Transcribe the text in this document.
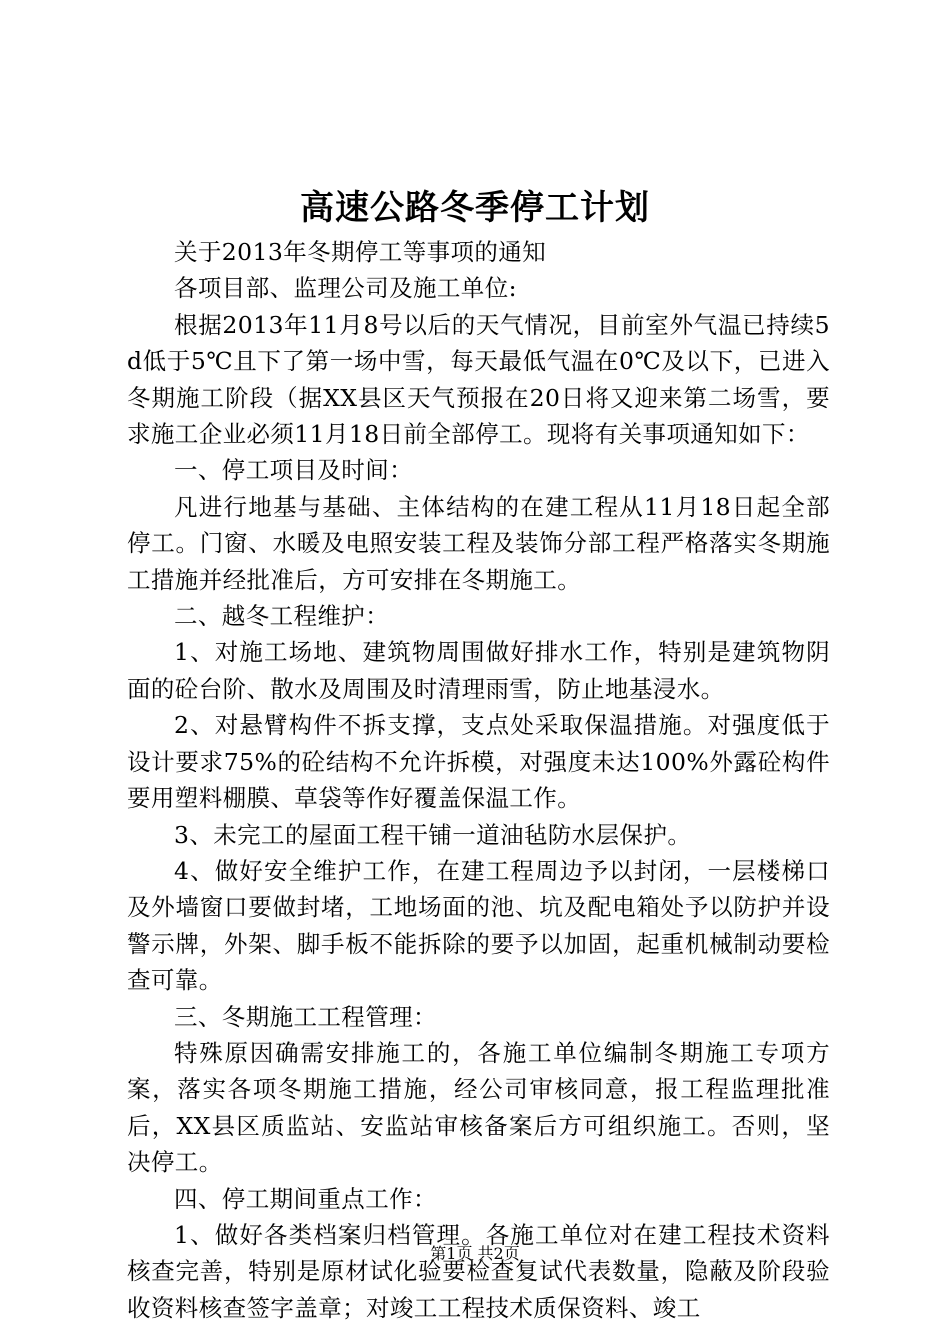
高速公路冬季停工计划

关于2013年冬期停工等事项的通知

各项目部、监理公司及施工单位:

根据2013年11月8号以后的天气情况，目前室外气温已持续5d低于5℃且下了第一场中雪，每天最低气温在0℃及以下，已进入冬期施工阶段（据XX县区天气预报在20日将又迎来第二场雪，要求施工企业必须11月18日前全部停工。现将有关事项通知如下：

一、停工项目及时间：

凡进行地基与基础、主体结构的在建工程从11月18日起全部停工。门窗、水暖及电照安装工程及装饰分部工程严格落实冬期施工措施并经批准后，方可安排在冬期施工。

二、越冬工程维护：

1、对施工场地、建筑物周围做好排水工作，特别是建筑物阴面的砼台阶、散水及周围及时清理雨雪，防止地基浸水。

2、对悬臂构件不拆支撑，支点处采取保温措施。对强度低于设计要求75%的砼结构不允许拆模，对强度未达100%外露砼构件要用塑料棚膜、草袋等作好覆盖保温工作。

3、未完工的屋面工程干铺一道油毡防水层保护。

4、做好安全维护工作，在建工程周边予以封闭，一层楼梯口及外墙窗口要做封堵，工地场面的池、坑及配电箱处予以防护并设警示牌，外架、脚手板不能拆除的要予以加固，起重机械制动要检查可靠。

三、冬期施工工程管理：

特殊原因确需安排施工的，各施工单位编制冬期施工专项方案，落实各项冬期施工措施，经公司审核同意，报工程监理批准后，XX县区质监站、安监站审核备案后方可组织施工。否则，坚决停工。

四、停工期间重点工作：

1、做好各类档案归档管理。各施工单位对在建工程技术资料核查完善，特别是原材试化验要检查复试代表数量，隐蔽及阶段验收资料核查签字盖章；对竣工工程技术质保资料、竣工

第1页 共2页
